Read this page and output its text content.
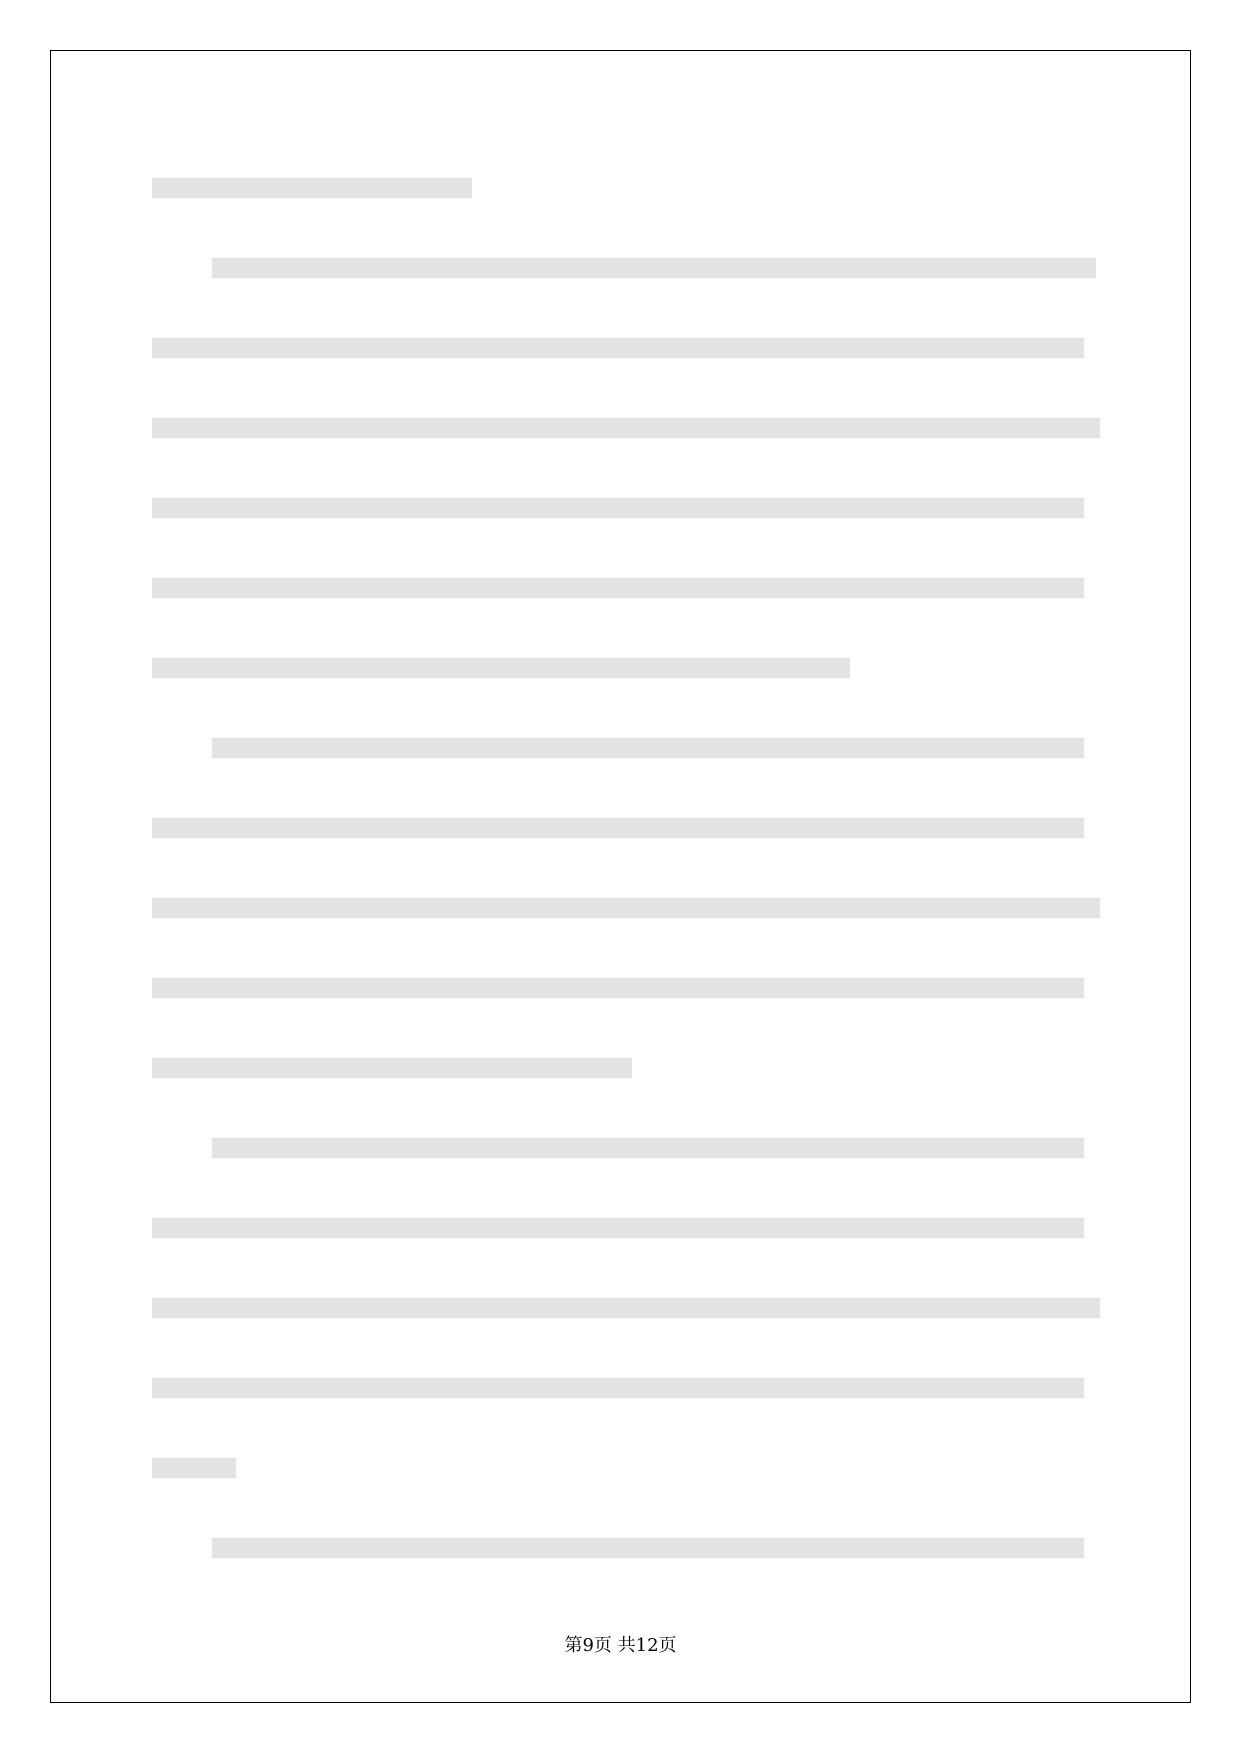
第9页 共12页
